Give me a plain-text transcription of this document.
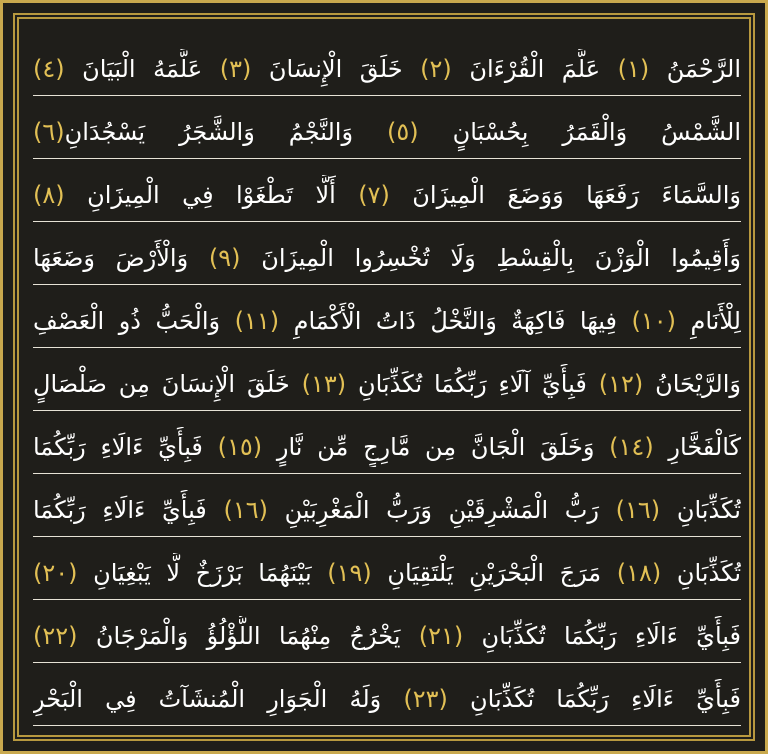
الرَّحْمَنُ (١) عَلَّمَ الْقُرْءَانَ (٢) خَلَقَ الْإِنسَانَ (٣) عَلَّمَهُ الْبَيَانَ (٤)
الشَّمْسُ وَالْقَمَرُ بِحُسْبَانٍ (٥) وَالنَّجْمُ وَالشَّجَرُ يَسْجُدَانِ(٦)
وَالسَّمَاءَ رَفَعَهَا وَوَضَعَ الْمِيزَانَ (٧) أَلَّا تَطْغَوْا فِي الْمِيزَانِ (٨)
وَأَقِيمُوا الْوَزْنَ بِالْقِسْطِ وَلَا تُخْسِرُوا الْمِيزَانَ (٩) وَالْأَرْضَ وَضَعَهَا
لِلْأَنَامِ (١٠) فِيهَا فَاكِهَةٌ وَالنَّخْلُ ذَاتُ الْأَكْمَامِ (١١) وَالْحَبُّ ذُو الْعَصْفِ
وَالرَّيْحَانُ (١٢) فَبِأَيِّ آلَاءِ رَبِّكُمَا تُكَذِّبَانِ (١٣) خَلَقَ الْإِنسَانَ مِن صَلْصَالٍ
كَالْفَخَّارِ (١٤) وَخَلَقَ الْجَانَّ مِن مَّارِجٍ مِّن نَّارٍ (١٥) فَبِأَيِّ ءَالَاءِ رَبِّكُمَا
تُكَذِّبَانِ (١٦) رَبُّ الْمَشْرِقَيْنِ وَرَبُّ الْمَغْرِبَيْنِ (١٦) فَبِأَيِّ ءَالَاءِ رَبِّكُمَا
تُكَذِّبَانِ (١٨) مَرَجَ الْبَحْرَيْنِ يَلْتَقِيَانِ (١٩) بَيْنَهُمَا بَرْزَخٌ لَّا يَبْغِيَانِ (٢٠)
فَبِأَيِّ ءَالَاءِ رَبِّكُمَا تُكَذِّبَانِ (٢١) يَخْرُجُ مِنْهُمَا اللُّؤْلُؤُ وَالْمَرْجَانُ (٢٢)
فَبِأَيِّ ءَالَاءِ رَبِّكُمَا تُكَذِّبَانِ (٢٣) وَلَهُ الْجَوَارِ الْمُنشَآتُ فِي الْبَحْرِ
